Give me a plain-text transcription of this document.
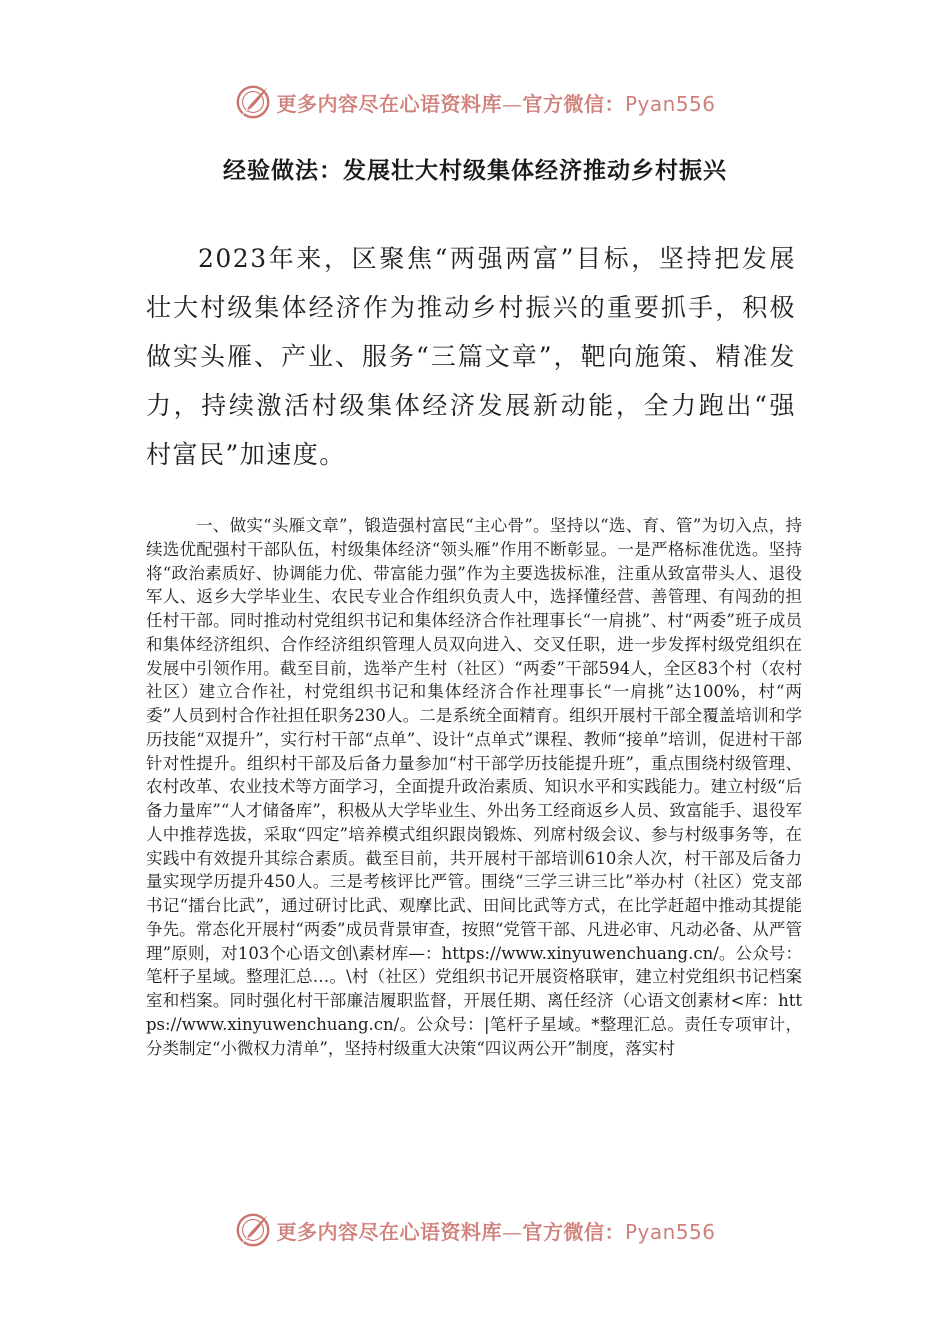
更多内容尽在心语资料库—官方微信：Pyan556
经验做法：发展壮大村级集体经济推动乡村振兴

2023年来，区聚焦“两强两富”目标，坚持把发展壮大村级集体经济作为推动乡村振兴的重要抓手，积极做实头雁、产业、服务“三篇文章”，靶向施策、精准发力，持续激活村级集体经济发展新动能，全力跑出“强村富民”加速度。

一、做实“头雁文章”，锻造强村富民“主心骨”。坚持以“选、育、管”为切入点，持续选优配强村干部队伍，村级集体经济“领头雁”作用不断彰显。一是严格标准优选。坚持将“政治素质好、协调能力优、带富能力强”作为主要选拔标准，注重从致富带头人、退役军人、返乡大学毕业生、农民专业合作组织负责人中，选择懂经营、善管理、有闯劲的担任村干部。同时推动村党组织书记和集体经济合作社理事长“一肩挑”、村“两委”班子成员和集体经济组织、合作经济组织管理人员双向进入、交叉任职，进一步发挥村级党组织在发展中引领作用。截至目前，选举产生村（社区）“两委”干部594人，全区83个村（农村社区）建立合作社，村党组织书记和集体经济合作社理事长“一肩挑”达100%，村“两委”人员到村合作社担任职务230人。二是系统全面精育。组织开展村干部全覆盖培训和学历技能“双提升”，实行村干部“点单”、设计“点单式”课程、教师“接单”培训，促进村干部针对性提升。组织村干部及后备力量参加“村干部学历技能提升班”，重点围绕村级管理、农村改革、农业技术等方面学习，全面提升政治素质、知识水平和实践能力。建立村级“后备力量库”“人才储备库”，积极从大学毕业生、外出务工经商返乡人员、致富能手、退役军人中推荐选拔，采取“四定”培养模式组织跟岗锻炼、列席村级会议、参与村级事务等，在实践中有效提升其综合素质。截至目前，共开展村干部培训610余人次，村干部及后备力量实现学历提升450人。三是考核评比严管。围绕“三学三讲三比”举办村（社区）党支部书记“擂台比武”，通过研讨比武、观摩比武、田间比武等方式，在比学赶超中推动其提能争先。常态化开展村“两委”成员背景审查，按照“党管干部、凡进必审、凡动必备、从严管理”原则，对103个心语文创\素材库—：https://www.xinyuwenchuang.cn/。公众号：笔杆子星域。整理汇总…。\村（社区）党组织书记开展资格联审，建立村党组织书记档案室和档案。同时强化村干部廉洁履职监督，开展任期、离任经济（心语文创素材<库：https://www.xinyuwenchuang.cn/。公众号：|笔杆子星域。*整理汇总。责任专项审计，分类制定“小微权力清单”，坚持村级重大决策“四议两公开”制度，落实村

更多内容尽在心语资料库—官方微信：Pyan556
